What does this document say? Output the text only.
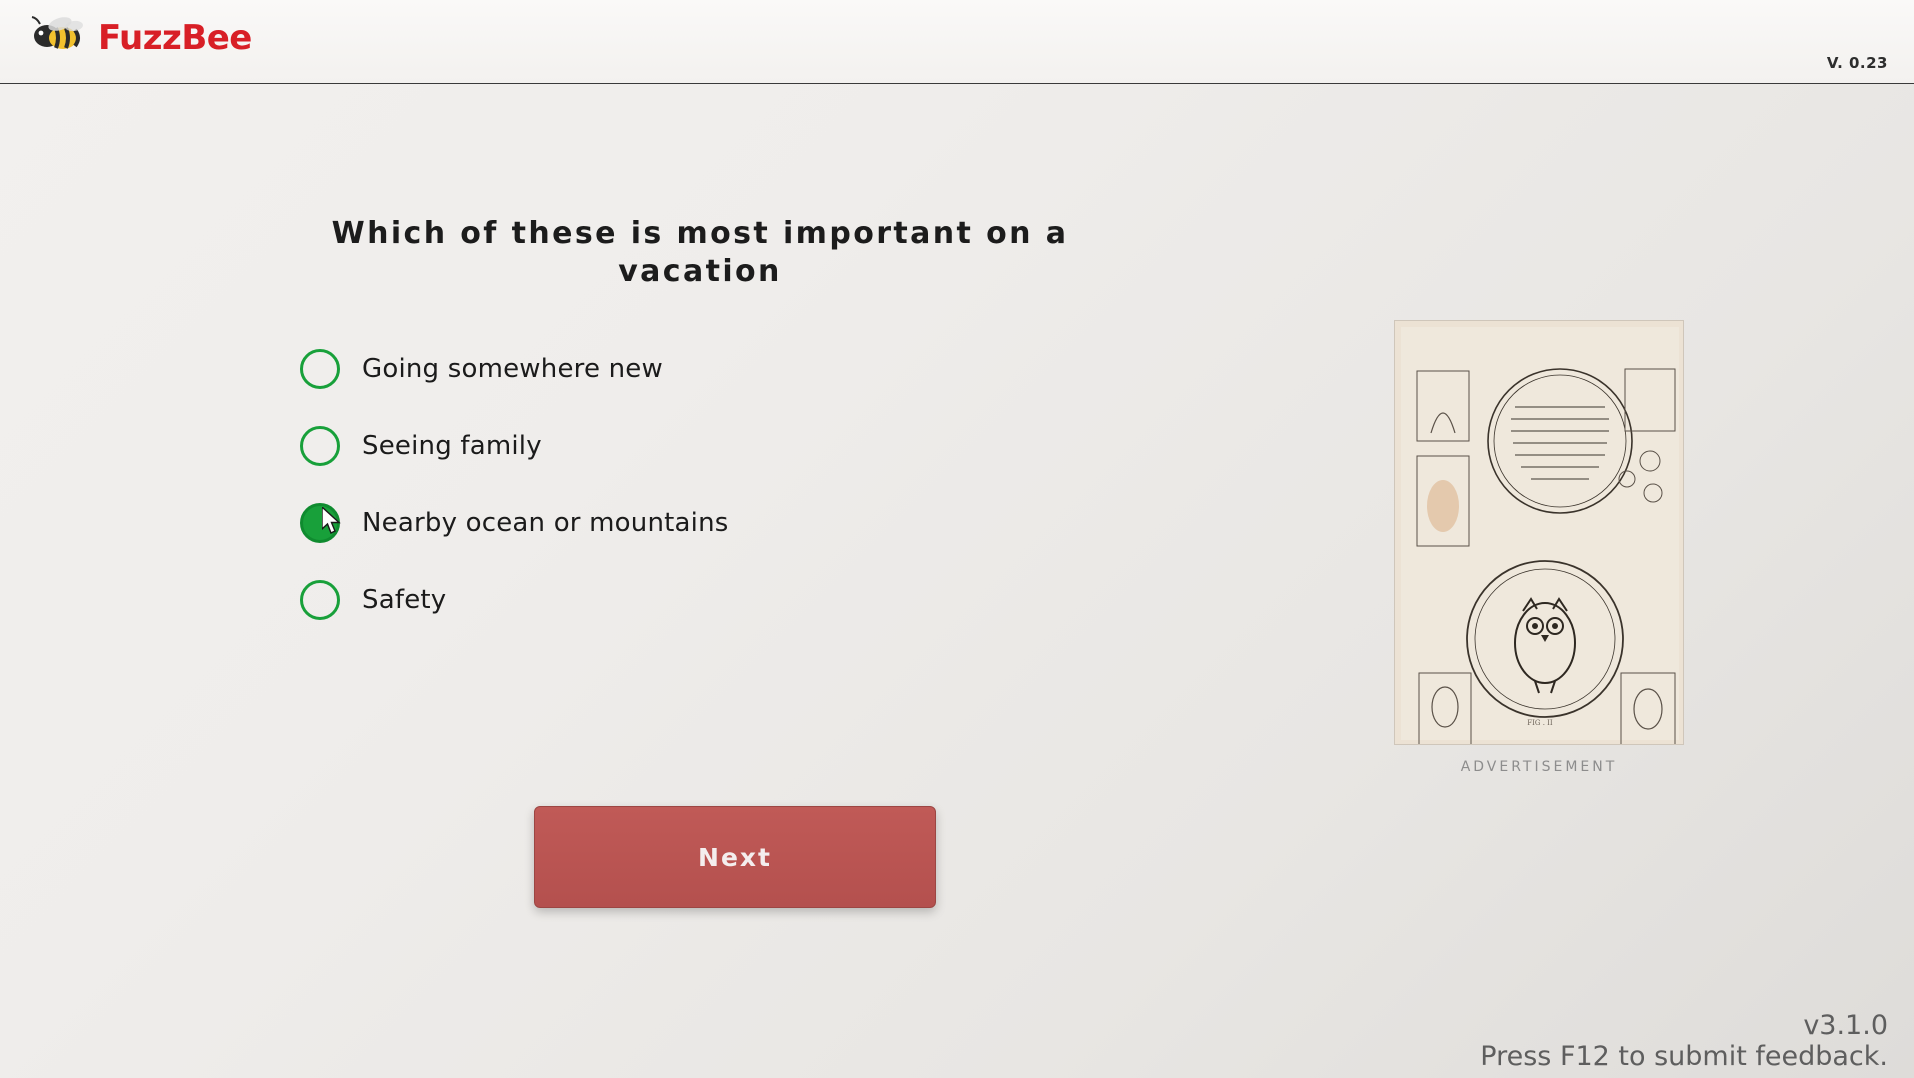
FuzzBee
V. 0.23
Which of these is most important on a vacation
Going somewhere new
Seeing family
Nearby ocean or mountains
Safety
Next
FIG . II
ADVERTISEMENT
v3.1.0
Press F12 to submit feedback.
